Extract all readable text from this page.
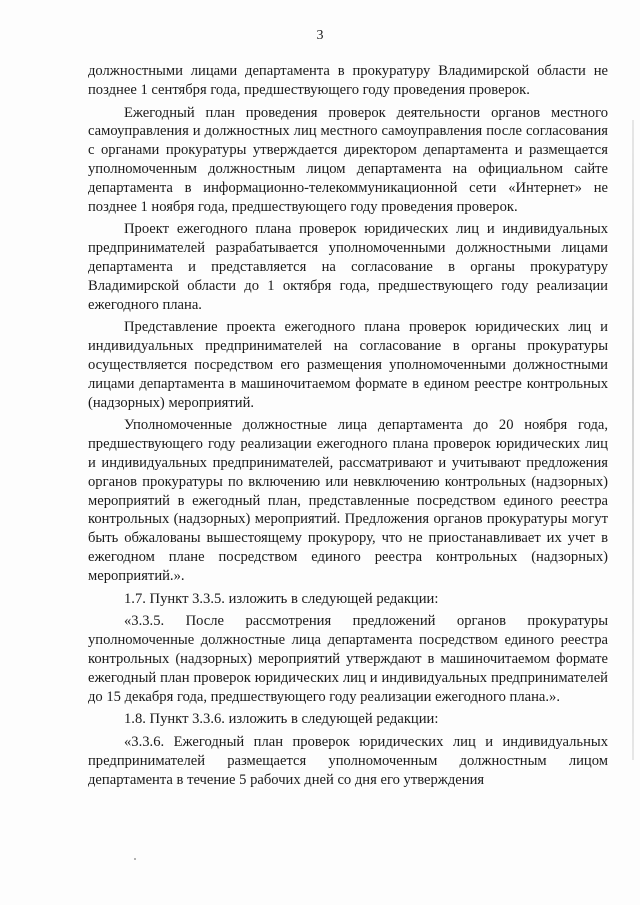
3

должностными лицами департамента в прокуратуру Владимирской области не позднее 1 сентября года, предшествующего году проведения проверок.

Ежегодный план проведения проверок деятельности органов местного самоуправления и должностных лиц местного самоуправления после согласования с органами прокуратуры утверждается директором департамента и размещается уполномоченным должностным лицом департамента на официальном сайте департамента в информационно-телекоммуникационной сети «Интернет» не позднее 1 ноября года, предшествующего году проведения проверок.

Проект ежегодного плана проверок юридических лиц и индивидуальных предпринимателей разрабатывается уполномоченными должностными лицами департамента и представляется на согласование в органы прокуратуру Владимирской области до 1 октября года, предшествующего году реализации ежегодного плана.

Представление проекта ежегодного плана проверок юридических лиц и индивидуальных предпринимателей на согласование в органы прокуратуры осуществляется посредством его размещения уполномоченными должностными лицами департамента в машиночитаемом формате в едином реестре контрольных (надзорных) мероприятий.

Уполномоченные должностные лица департамента до 20 ноября года, предшествующего году реализации ежегодного плана проверок юридических лиц и индивидуальных предпринимателей, рассматривают и учитывают предложения органов прокуратуры по включению или невключению контрольных (надзорных) мероприятий в ежегодный план, представленные посредством единого реестра контрольных (надзорных) мероприятий. Предложения органов прокуратуры могут быть обжалованы вышестоящему прокурору, что не приостанавливает их учет в ежегодном плане посредством единого реестра контрольных (надзорных) мероприятий.».

1.7. Пункт 3.3.5. изложить в следующей редакции:

«3.3.5. После рассмотрения предложений органов прокуратуры уполномоченные должностные лица департамента посредством единого реестра контрольных (надзорных) мероприятий утверждают в машиночитаемом формате ежегодный план проверок юридических лиц и индивидуальных предпринимателей до 15 декабря года, предшествующего году реализации ежегодного плана.».

1.8. Пункт 3.3.6. изложить в следующей редакции:

«3.3.6. Ежегодный план проверок юридических лиц и индивидуальных предпринимателей размещается уполномоченным должностным лицом департамента в течение 5 рабочих дней со дня его утверждения
